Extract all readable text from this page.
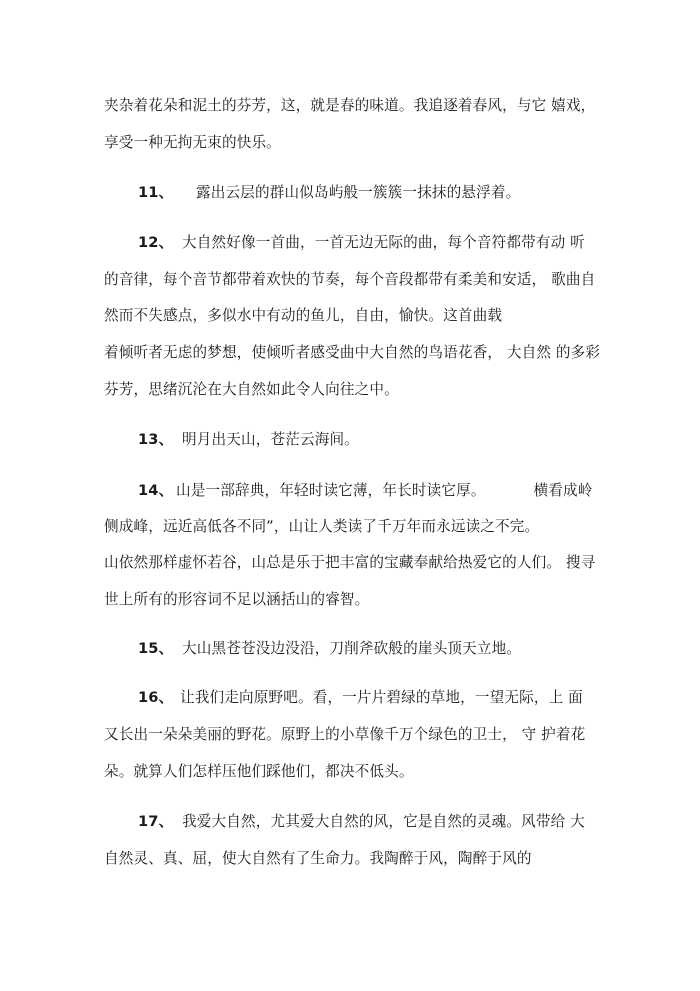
夹杂着花朵和泥土的芬芳，这，就是春的味道。我追逐着春风，与它 嬉戏，
享受一种无拘无束的快乐。
11、 露出云层的群山似岛屿般一簇簇一抹抹的悬浮着。
12、 大自然好像一首曲，一首无边无际的曲，每个音符都带有动 听
的音律，每个音节都带着欢快的节奏，每个音段都带有柔美和安适， 歌曲自
然而不失感点，多似水中有动的鱼儿，自由，愉快。这首曲载
着倾听者无虑的梦想，使倾听者感受曲中大自然的鸟语花香， 大自然 的多彩
芬芳，思绪沉沦在大自然如此令人向往之中。
13、 明月出天山，苍茫云海间。
14、 山是一部辞典，年轻时读它薄，年长时读它厚。          横看成岭
侧成峰，远近高低各不同”，山让人类读了千万年而永远读之不完。
山依然那样虚怀若谷，山总是乐于把丰富的宝藏奉献给热爱它的人们。 搜寻
世上所有的形容词不足以涵括山的睿智。
15、 大山黑苍苍没边没沿，刀削斧砍般的崖头顶天立地。
16、 让我们走向原野吧。看，一片片碧绿的草地，一望无际，上 面
又长出一朵朵美丽的野花。原野上的小草像千万个绿色的卫士， 守 护着花
朵。就算人们怎样压他们踩他们，都决不低头。
17、 我爱大自然，尤其爱大自然的风，它是自然的灵魂。风带给 大
自然灵、真、屈，使大自然有了生命力。我陶醉于风，陶醉于风的
